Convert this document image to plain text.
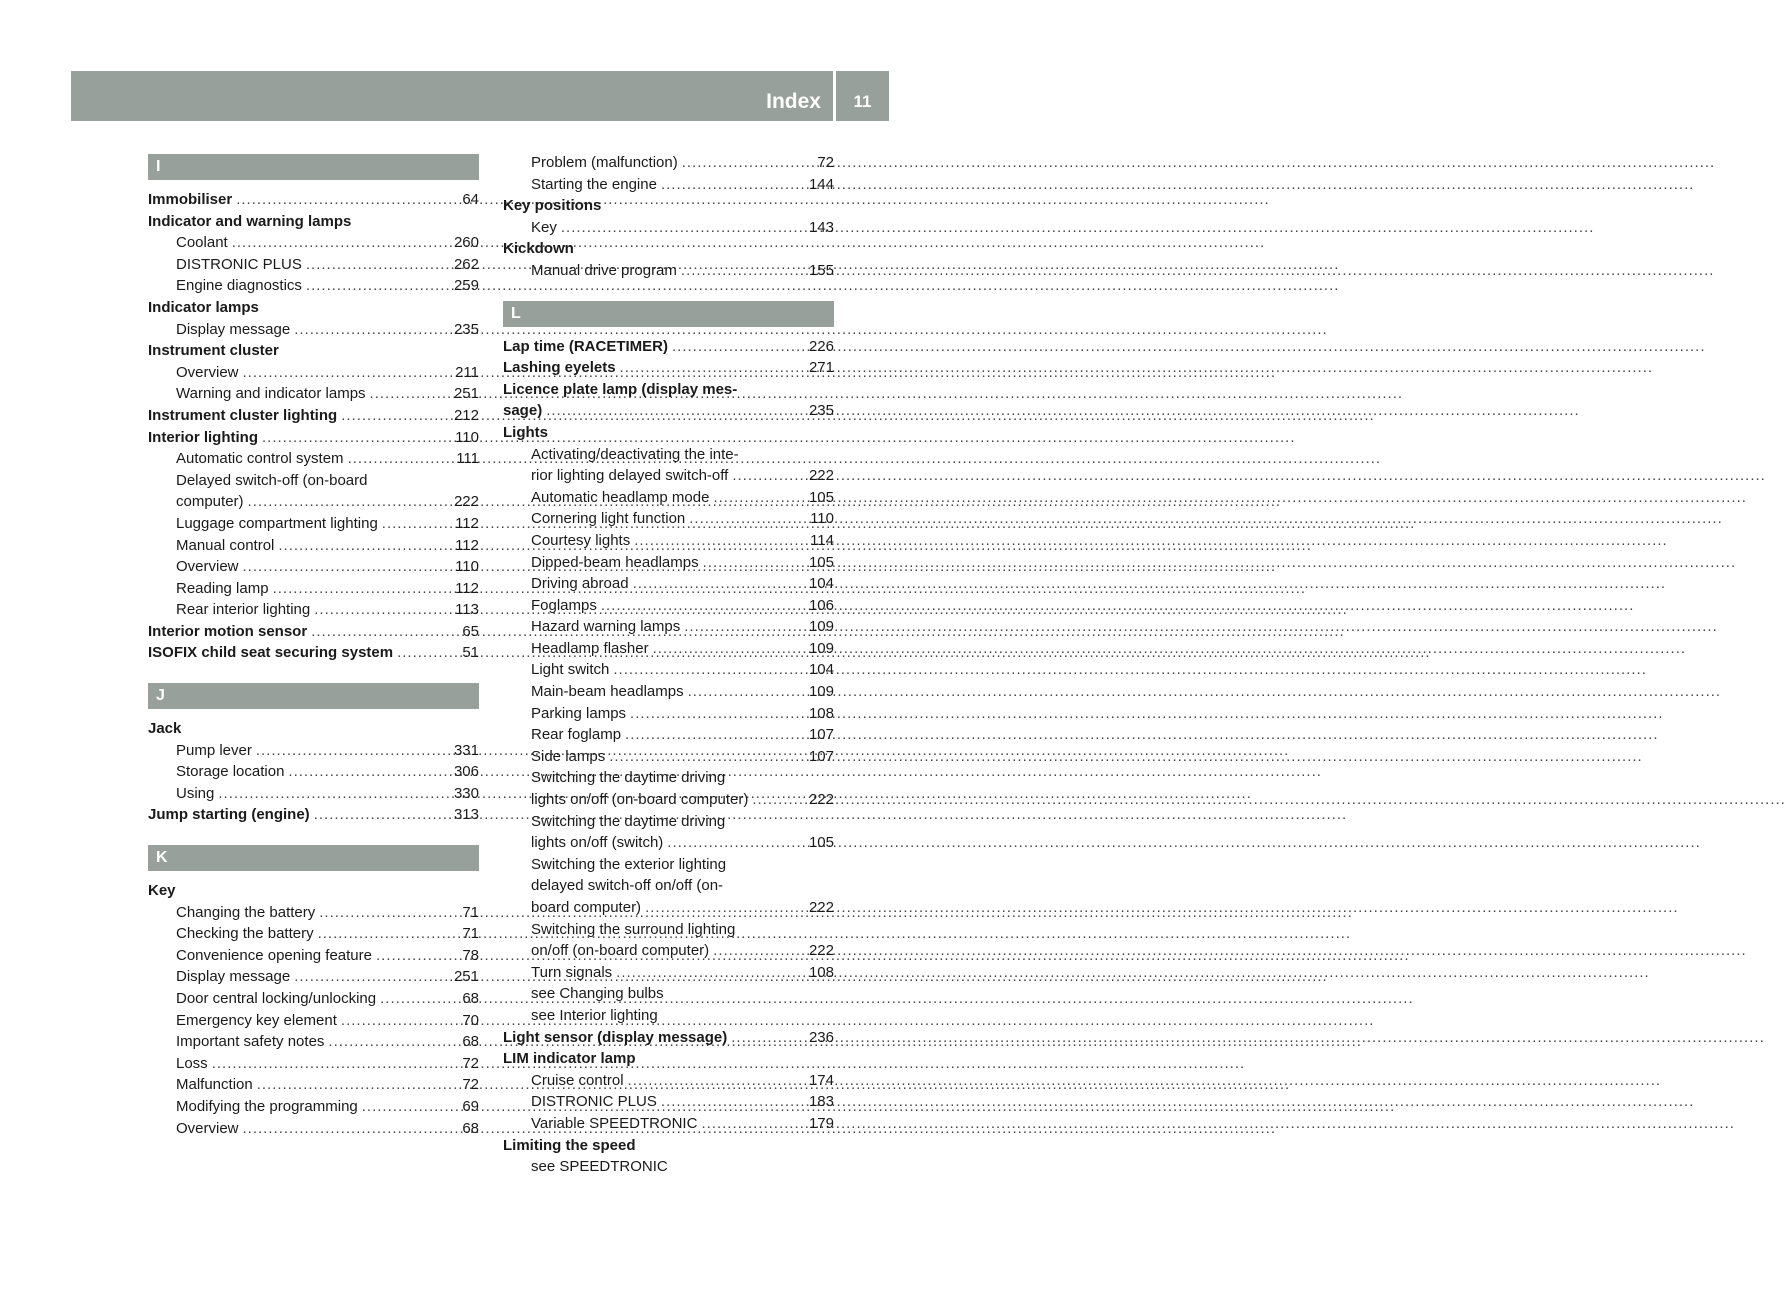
Index	11
I
Immobiliser .....	64
Indicator and warning lamps
Coolant .....	260
DISTRONIC PLUS .....	262
Engine diagnostics .....	259
Indicator lamps
Display message .....	235
Instrument cluster
Overview .....	211
Warning and indicator lamps .....	251
Instrument cluster lighting .....	212
Interior lighting .....	110
Automatic control system .....	111
Delayed switch-off (on-board
computer) .....	222
Luggage compartment lighting .....	112
Manual control .....	112
Overview .....	110
Reading lamp .....	112
Rear interior lighting .....	113
Interior motion sensor .....	65
ISOFIX child seat securing system .....	51
J
Jack
Pump lever .....	331
Storage location .....	306
Using .....	330
Jump starting (engine) .....	313
K
Key
Changing the battery .....	71
Checking the battery .....	71
Convenience opening feature .....	78
Display message .....	251
Door central locking/unlocking .....	68
Emergency key element .....	70
Important safety notes .....	68
Loss .....	72
Malfunction .....	72
Modifying the programming .....	69
Overview .....	68
Problem (malfunction) .....	72
Starting the engine .....	144
Key positions
Key .....	143
Kickdown
Manual drive program .....	155
L
Lap time (RACETIMER) .....	226
Lashing eyelets .....	271
Licence plate lamp (display mes-
sage) .....	235
Lights
Activating/deactivating the inte-
rior lighting delayed switch-off .....	222
Automatic headlamp mode .....	105
Cornering light function .....	110
Courtesy lights .....	114
Dipped-beam headlamps .....	105
Driving abroad .....	104
Foglamps .....	106
Hazard warning lamps .....	109
Headlamp flasher .....	109
Light switch .....	104
Main-beam headlamps .....	109
Parking lamps .....	108
Rear foglamp .....	107
Side lamps .....	107
Switching the daytime driving
lights on/off (on-board computer) .....	222
Switching the daytime driving
lights on/off (switch) .....	105
Switching the exterior lighting
delayed switch-off on/off (on-
board computer) .....	222
Switching the surround lighting
on/off (on-board computer) .....	222
Turn signals .....	108
see Changing bulbs
see Interior lighting
Light sensor (display message) .....	236
LIM indicator lamp
Cruise control .....	174
DISTRONIC PLUS .....	183
Variable SPEEDTRONIC .....	179
Limiting the speed
see SPEEDTRONIC
